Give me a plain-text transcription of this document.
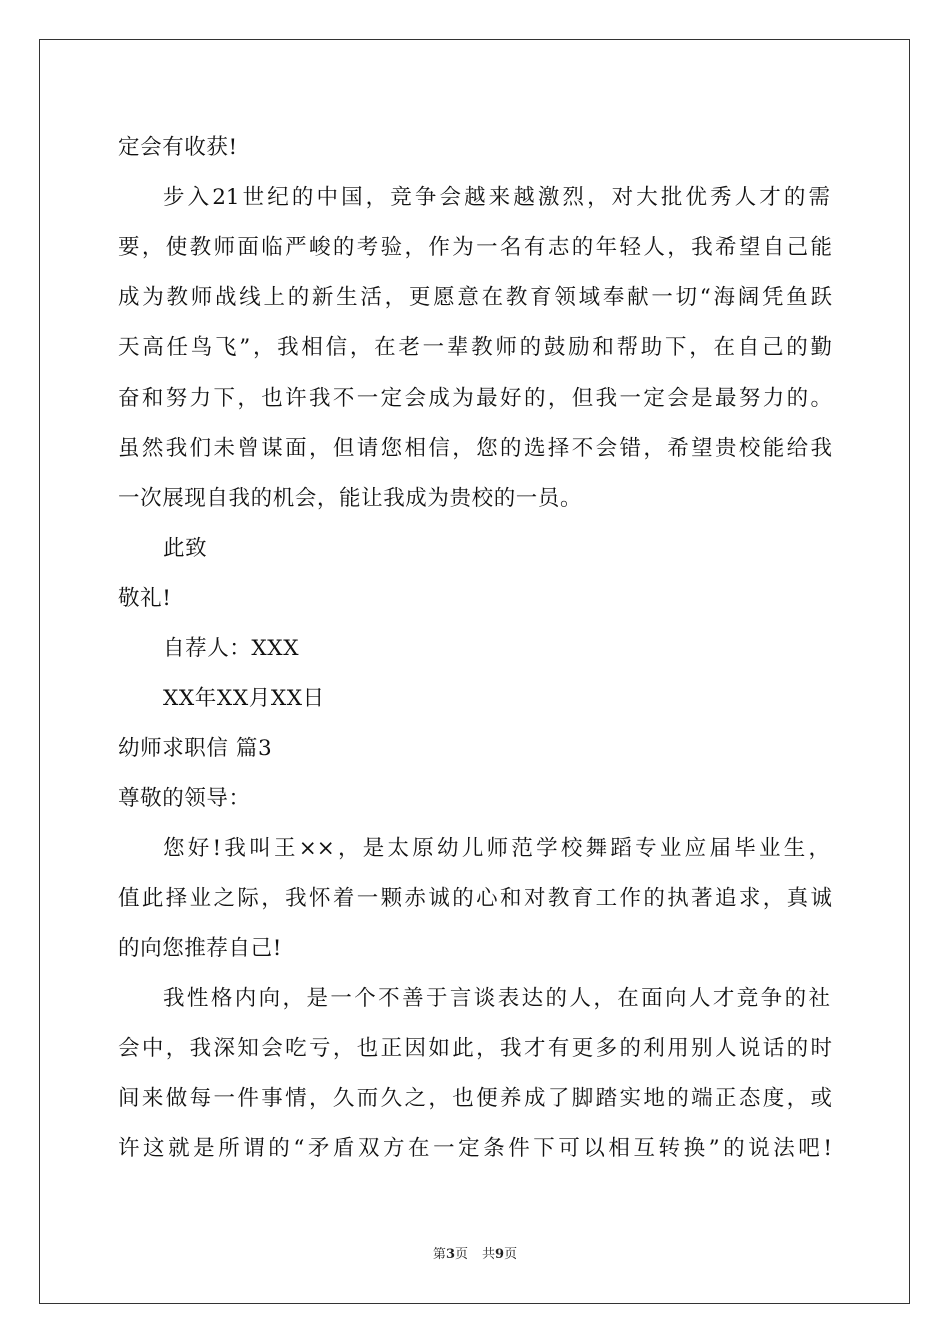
定会有收获!
步入21世纪的中国，竞争会越来越激烈，对大批优秀人才的需
要，使教师面临严峻的考验，作为一名有志的年轻人，我希望自己能
成为教师战线上的新生活，更愿意在教育领域奉献一切“海阔凭鱼跃
天高任鸟飞”，我相信，在老一辈教师的鼓励和帮助下，在自己的勤
奋和努力下，也许我不一定会成为最好的，但我一定会是最努力的。
虽然我们未曾谋面，但请您相信，您的选择不会错，希望贵校能给我
一次展现自我的机会，能让我成为贵校的一员。
此致
敬礼!
自荐人：XXX
XX年XX月XX日
幼师求职信 篇3
尊敬的领导：
您好!我叫王××，是太原幼儿师范学校舞蹈专业应届毕业生，
值此择业之际，我怀着一颗赤诚的心和对教育工作的执著追求，真诚
的向您推荐自己!
我性格内向，是一个不善于言谈表达的人，在面向人才竞争的社
会中，我深知会吃亏，也正因如此，我才有更多的利用别人说话的时
间来做每一件事情，久而久之，也便养成了脚踏实地的端正态度，或
许这就是所谓的“矛盾双方在一定条件下可以相互转换”的说法吧!
第3页 共9页
